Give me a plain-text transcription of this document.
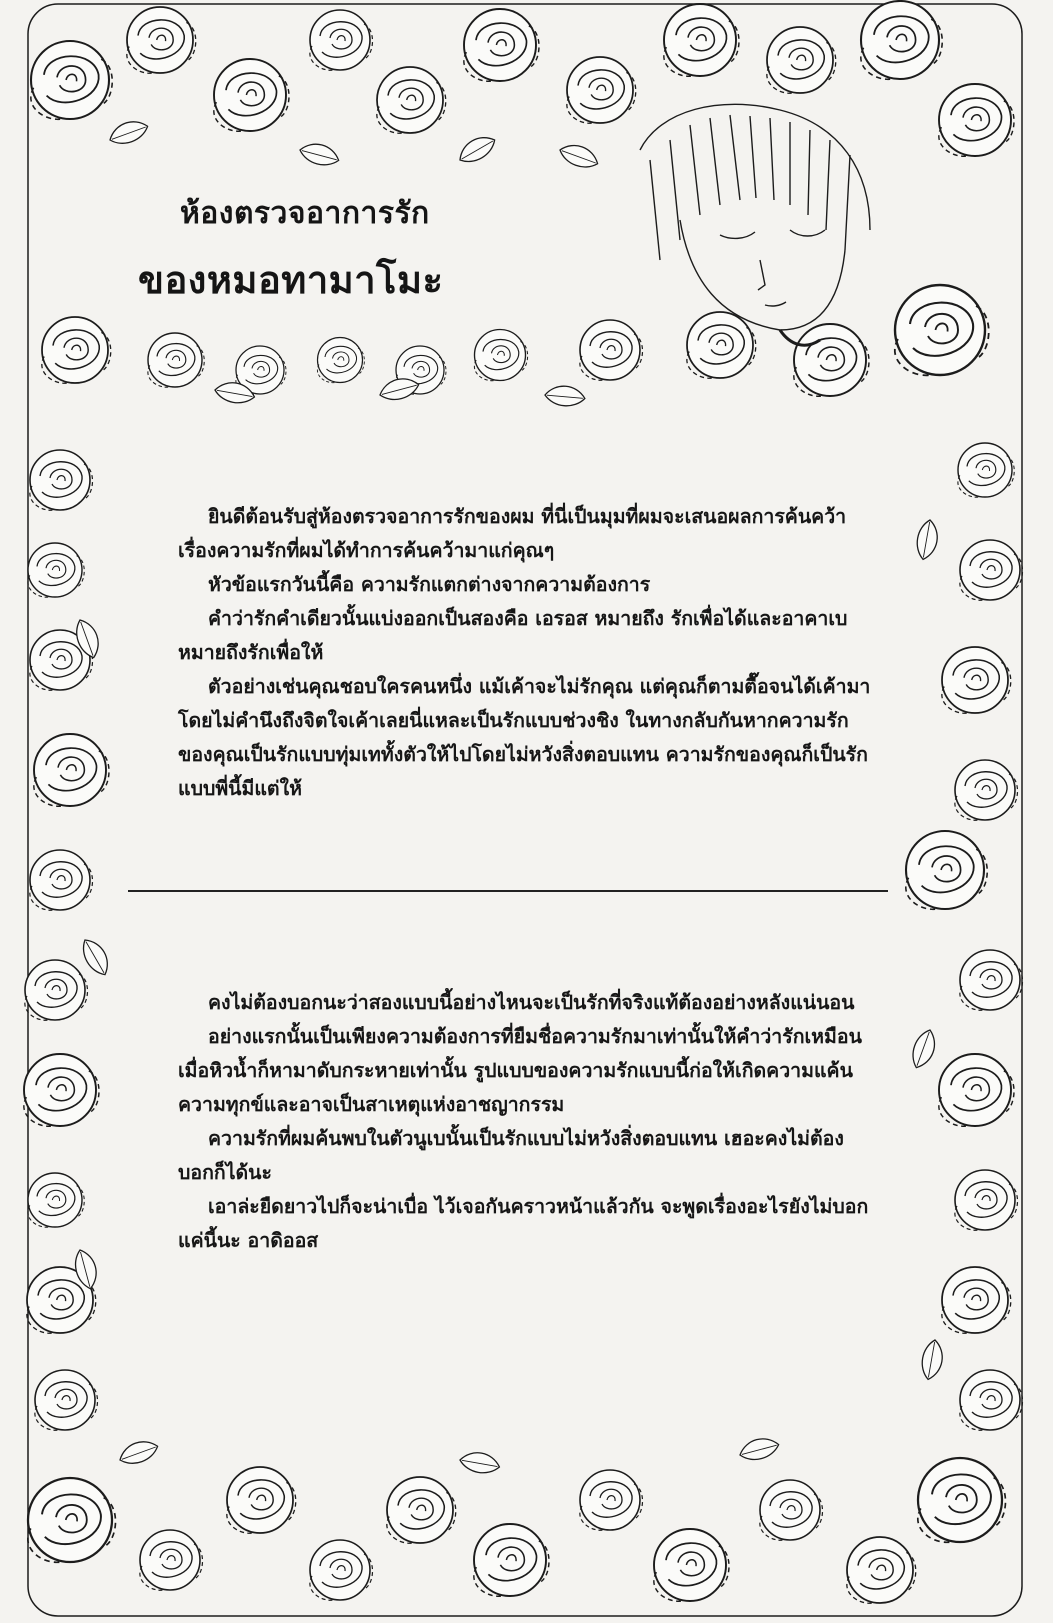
ห้องตรวจอาการรัก
ของหมอทามาโมะ

ยินดีต้อนรับสู่ห้องตรวจอาการรักของผม ที่นี่เป็นมุมที่ผมจะเสนอผลการค้นคว้าเรื่องความรักที่ผมได้ทำการค้นคว้ามาแก่คุณๆ

หัวข้อแรกวันนี้คือ ความรักแตกต่างจากความต้องการ

คำว่ารักคำเดียวนั้นแบ่งออกเป็นสองคือ เอรอส หมายถึง รักเพื่อได้และอาคาเบ หมายถึงรักเพื่อให้

ตัวอย่างเช่นคุณชอบใครคนหนึ่ง แม้เค้าจะไม่รักคุณ แต่คุณก็ตามตื๊อจนได้เค้ามาโดยไม่คำนึงถึงจิตใจเค้าเลยนี่แหละเป็นรักแบบช่วงชิง ในทางกลับกันหากความรักของคุณเป็นรักแบบทุ่มเททั้งตัวให้ไปโดยไม่หวังสิ่งตอบแทน ความรักของคุณก็เป็นรักแบบพี่นี้มีแต่ให้

คงไม่ต้องบอกนะว่าสองแบบนี้อย่างไหนจะเป็นรักที่จริงแท้ต้องอย่างหลังแน่นอน

อย่างแรกนั้นเป็นเพียงความต้องการที่ยืมชื่อความรักมาเท่านั้นให้คำว่ารักเหมือนเมื่อหิวน้ำก็หามาดับกระหายเท่านั้น รูปแบบของความรักแบบนี้ก่อให้เกิดความแค้น ความทุกข์และอาจเป็นสาเหตุแห่งอาชญากรรม

ความรักที่ผมค้นพบในตัวนูเบนั้นเป็นรักแบบไม่หวังสิ่งตอบแทน เฮอะคงไม่ต้องบอกก็ได้นะ

เอาล่ะยืดยาวไปก็จะน่าเบื่อ ไว้เจอกันคราวหน้าแล้วกัน จะพูดเรื่องอะไรยังไม่บอก แค่นี้นะ อาดิออส
